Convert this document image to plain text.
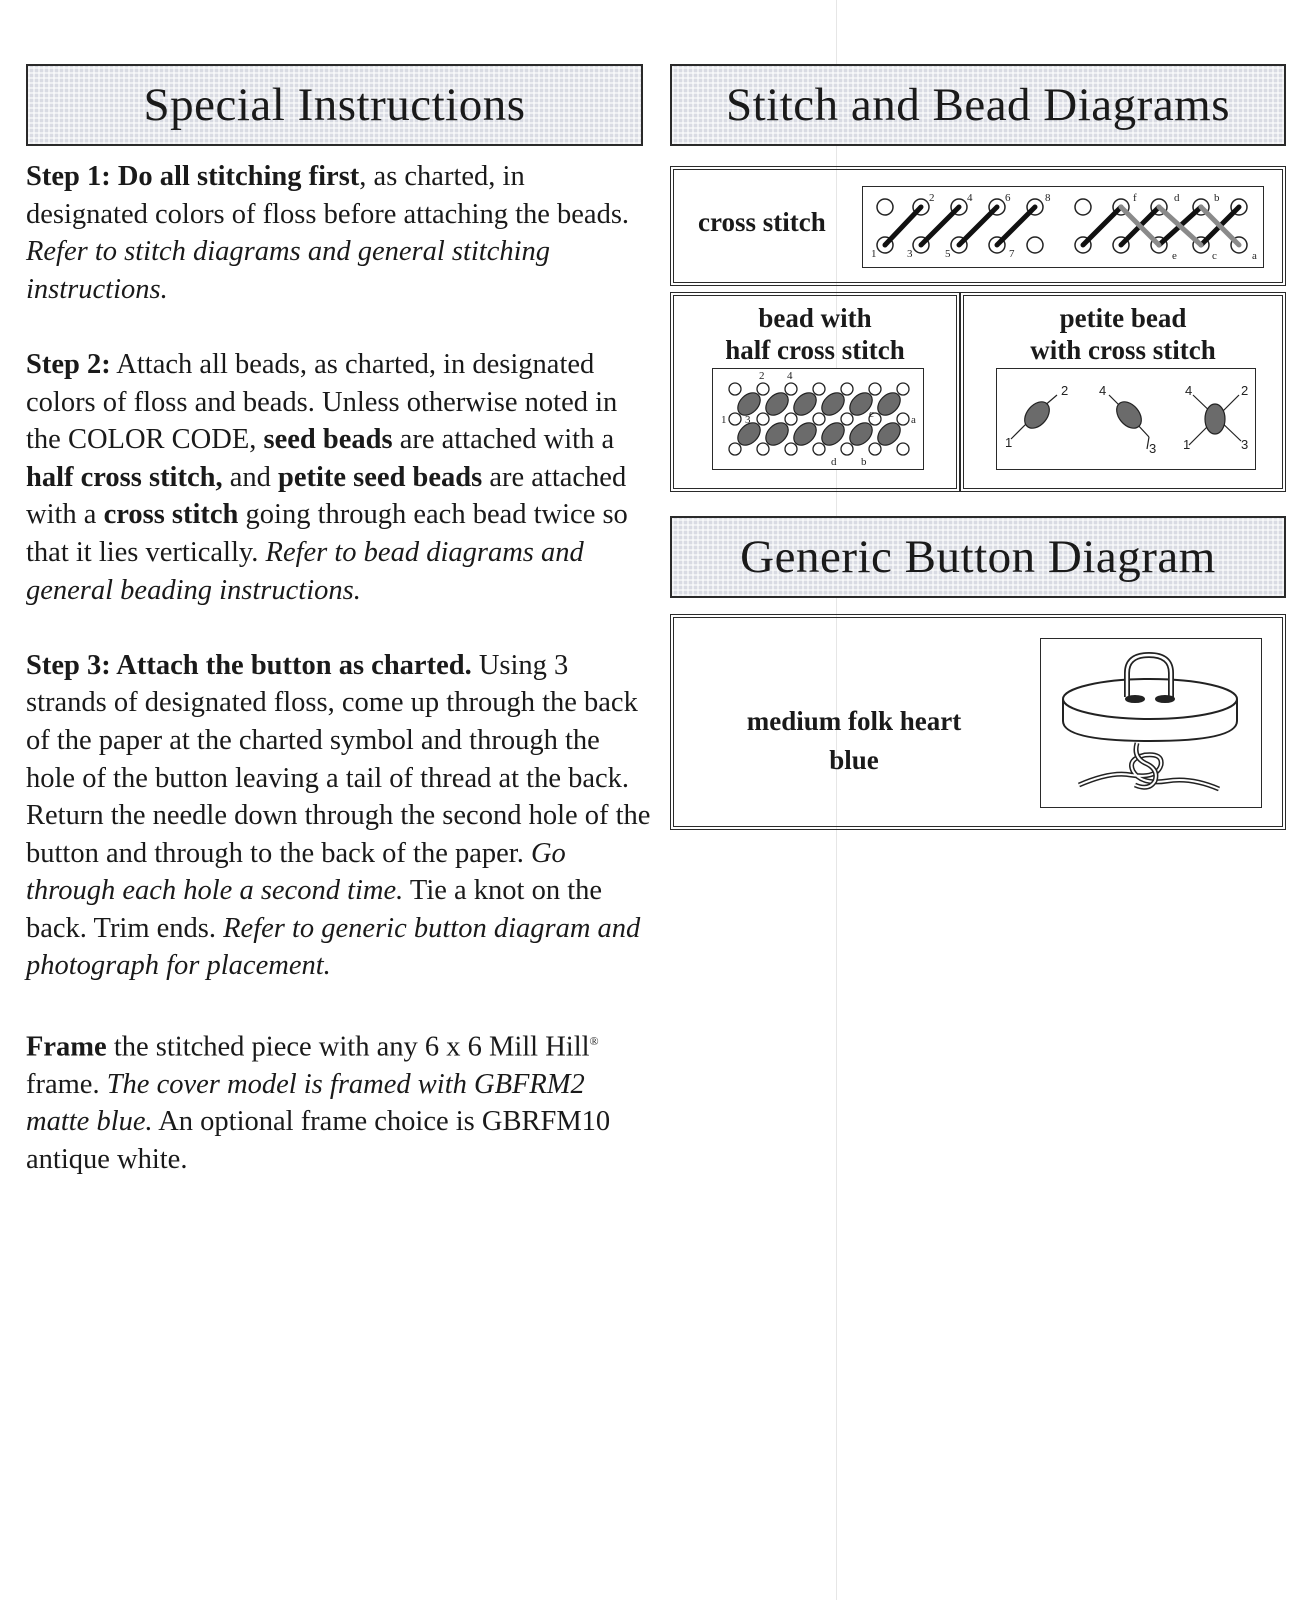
Special Instructions

Step 1: Do all stitching first, as charted, in designated colors of floss before attaching the beads. Refer to stitch diagrams and general stitching instructions.

Step 2: Attach all beads, as charted, in designated colors of floss and beads. Unless otherwise noted in the COLOR CODE, seed beads are attached with a half cross stitch, and petite seed beads are attached with a cross stitch going through each bead twice so that it lies vertically. Refer to bead diagrams and general beading instructions.

Step 3: Attach the button as charted. Using 3 strands of designated floss, come up through the back of the paper at the charted symbol and through the hole of the button leaving a tail of thread at the back. Return the needle down through the second hole of the button and through to the back of the paper. Go through each hole a second time. Tie a knot on the back. Trim ends. Refer to generic button diagram and photograph for placement.

Frame the stitched piece with any 6 x 6 Mill Hill® frame. The cover model is framed with GBFRM2 matte blue. An optional frame choice is GBRFM10 antique white.

Stitch and Bead Diagrams
cross stitch
1
2
3
4
5
6
7
8
a
b
c
d
e
f
bead with
half cross stitch
1
2
3
4
a
b
c
d
petite bead
with cross stitch
1
2
3
4
1
2
3
4
Generic Button Diagram
medium folk heart
blue
